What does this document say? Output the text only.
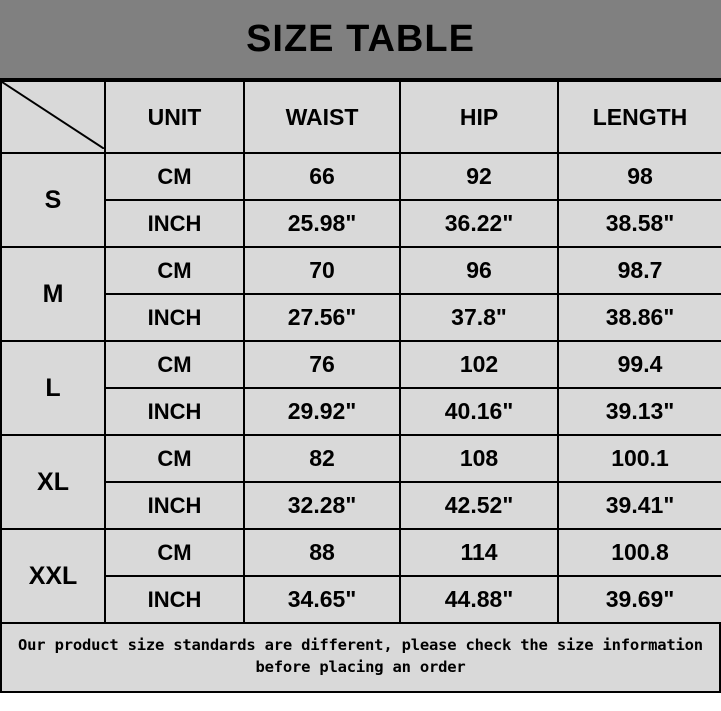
SIZE TABLE
	UNIT	WAIST	HIP	LENGTH
S	CM	66	92	98
	INCH	25.98"	36.22"	38.58"
M	CM	70	96	98.7
	INCH	27.56"	37.8"	38.86"
L	CM	76	102	99.4
	INCH	29.92"	40.16"	39.13"
XL	CM	82	108	100.1
	INCH	32.28"	42.52"	39.41"
XXL	CM	88	114	100.8
	INCH	34.65"	44.88"	39.69"
Our product size standards are different, please check the size information
before placing an order
